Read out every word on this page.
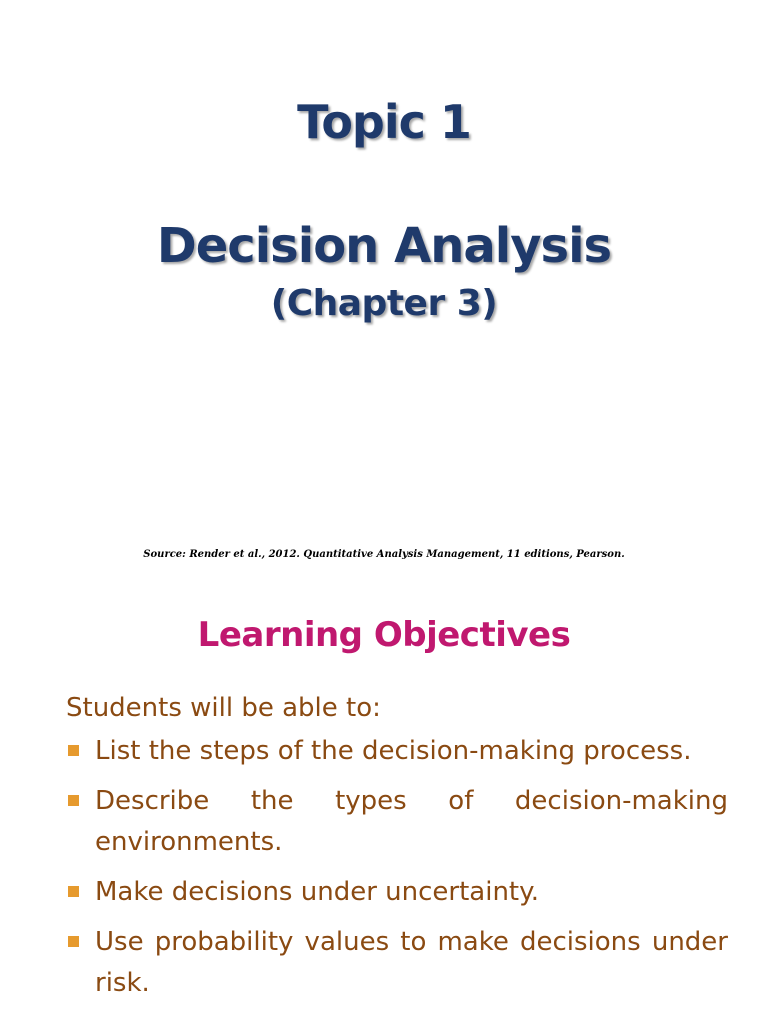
Topic 1
Decision Analysis
(Chapter 3)
Source: Render et al., 2012. Quantitative Analysis Management, 11 editions, Pearson.
Learning Objectives
Students will be able to:
List the steps of the decision-making process.
Describe the types of decision-making environments.
Make decisions under uncertainty.
Use probability values to make decisions under risk.
